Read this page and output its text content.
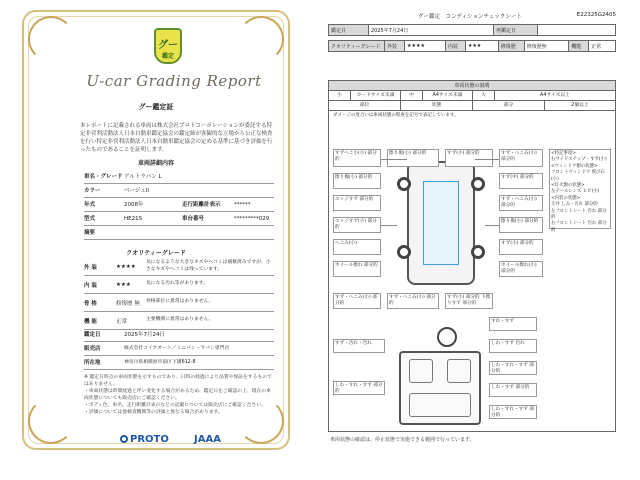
グー
鑑定
U-car Grading Report
グー鑑定証
本レポートに記載される車両は株式会社プロトコーポレーションが委託する特定非営利活動法人日本自動車鑑定協会の鑑定師が客観的な立場から公正な検査を行い特定非営利活動法人日本自動車鑑定協会の定める基準に基づき評価を行ったものであることを証明します。
車両詳細内容
車名・グレード アルトラパン L
カラー	ベージュII
年式	2008年	走行距離計表示	******
型式	HE21S	車台番号	*********029
摘要
クオリティーグレード
外 装	★★★★
気になるような大きなキズやヘコミは補修済みですが、小さなキズやヘコミは残っています。
内 装	★★★	気になる汚れ等があります。
骨 格	修復歴 無	骨格部位に異常はありません。
機 能	正常	主要機関に異常はありません。
鑑定日	2025年7月24日
販売店	株式会社コイケオート／ミニバン・ラパン専門店
所在地	神奈川県相模原市南区下溝612-8
※ 鑑定日時点の車両状態を示すものであり、日時の経過により品質や保証をするものではありません。
・車両状態は時間経過と伴い変化する場合があるため、鑑定日をご確認の上、現在の車両状態についても販売店にご確認ください。
・ボディ色、車名、走行距離計表示などの記載については販売店にご確認ください。
・評価については他検査機関等の評価と異なる場合があります。
PROTO	JAAA
グー鑑定　コンディションチェックシート	E22325G2405
鑑定日	2025年7月24日	再鑑定日	
クオリティーグレード	外装	★★★★	内装	★★★	修復歴	修復歴無	機能	正常
車両状態の説明
小	カードサイズ未満	中	A4サイズ未満	大	A4サイズ以上
部位	状態	部分	2個以上
ダメージの度合いは車両状態の程度を記号で表記しています。
すずへこ小(小) 部分的
擦り傷(小) 部分的	すず(小) 部分的	すず・へこみ(小) 部分的
擦り傷(小) 部分的	すず(中) 部分的
エッジすず 部分的	すず・へこみ(小) 部分的
エッジすず(小) 部分的
へこみ(小)
擦り傷(小) 部分的
すず(小) 部分的
ホイール擦れ 部分的	ホイール擦れ(小) 部分的
すず・へこみ(小) 部分的
すず・へこみ(小) 部分的
すず(小) 部分的 下擦りすず 部分的
<特記事項>
右サイドステップ・すず(小)
<ウィンドウ類の状態>
フロントウィンドウ 飛び石(小)
<灯火類の状態>
左テールレンズ ヒビ(小)
<内装の状態>
天井 しみ・汚れ 部分的
左フロントシート 汚れ 部分的
右フロントシート 汚れ 部分的
すれ・すず
すず・汚れ・汚れ	しわ・すず 汚れ
しわ・すれ・すず 部分的
しわ・すれ・すず 部分的
しわ・すず 部分的
しわ・すれ・すず 部分的
車両状態の確認は、停止状態で実施できる範囲で行っています。
